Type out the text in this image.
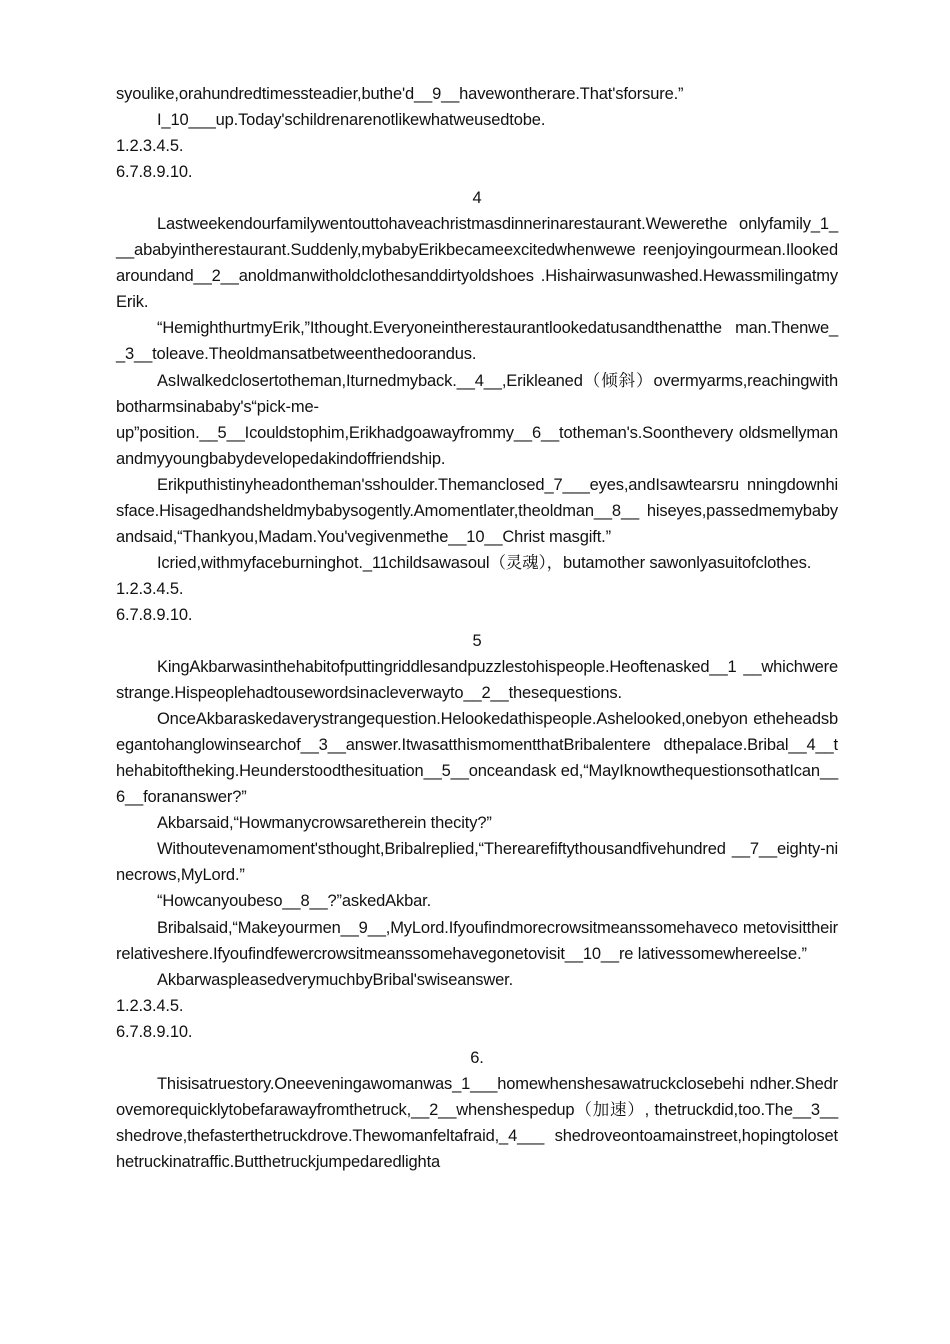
syoulike,orahundredtimessteadier,buthe'd__9__havewontherare.That'sforsure.”

I_10___up.Today'schildrenarenotlikewhatweusedtobe.

1.2.3.4.5.

6.7.8.9.10.

4

Lastweekendourfamilywentouttohaveachristmasdinnerinarestaurant.Wewerethe onlyfamily_1___ababyintherestaurant.Suddenly,mybabyErikbecameexcitedwhenwewe reenjoyingourmean.Ilookedaroundand__2__anoldmanwitholdclothesanddirtyoldshoes .Hishairwasunwashed.HewassmilingatmyErik.

“HemighthurtmyErik,”Ithought.Everyoneintherestaurantlookedatusandthenatthe man.Thenwe__3__toleave.Theoldmansatbetweenthedoorandus.

AsIwalkedclosertotheman,Iturnedmyback.__4__,Erikleaned（倾斜）overmyarms,reachingwithbotharmsinababy's“pick-me-

up”position.__5__Icouldstophim,Erikhadgoawayfrommy__6__totheman's.Soonthevery oldsmellymanandmyyoungbabydevelopedakindoffriendship.

Erikputhistinyheadontheman'sshoulder.Themanclosed_7___eyes,andIsawtearsru nningdownhisface.Hisagedhandsheldmybabysogently.Amomentlater,theoldman__8__ hiseyes,passedmemybabyandsaid,“Thankyou,Madam.You'vegivenmethe__10__Christ masgift.”

Icried,withmyfaceburninghot._11childsawasoul（灵魂），butamother sawonlyasuitofclothes.

1.2.3.4.5.

6.7.8.9.10.

5

KingAkbarwasinthehabitofputtingriddlesandpuzzlestohispeople.Heoftenasked__1 __whichwerestrange.Hispeoplehadtousewordsinacleverwayto__2__thesequestions.

OnceAkbaraskedaverystrangequestion.Helookedathispeople.Ashelooked,onebyon etheheadsbegantohanglowinsearchof__3__answer.ItwasatthismomentthatBribalentere dthepalace.Bribal__4__thehabitoftheking.Heunderstoodthesituation__5__onceandask ed,“MayIknowthequestionsothatIcan__6__forananswer?”

Akbarsaid,“Howmanycrowsaretherein thecity?”

Withoutevenamoment'sthought,Bribalreplied,“Therearefiftythousandfivehundred __7__eighty-ninecrows,MyLord.”

“Howcanyoubeso__8__?”askedAkbar.

Bribalsaid,“Makeyourmen__9__,MyLord.Ifyoufindmorecrowsitmeanssomehaveco metovisittheirrelativeshere.Ifyoufindfewercrowsitmeanssomehavegonetovisit__10__re lativessomewhereelse.”

AkbarwaspleasedverymuchbyBribal'swiseanswer.

1.2.3.4.5.

6.7.8.9.10.

6.

Thisisatruestory.Oneeveningawomanwas_1___homewhenshesawatruckclosebehi ndher.Shedrovemorequicklytobefarawayfromthetruck,__2__whenshespedup（加速）, thetruckdid,too.The__3__shedrove,thefasterthetruckdrove.Thewomanfeltafraid,_4___ shedroveontoamainstreet,hopingtolosethetruckinatraffic.Butthetruckjumpedaredlighta
